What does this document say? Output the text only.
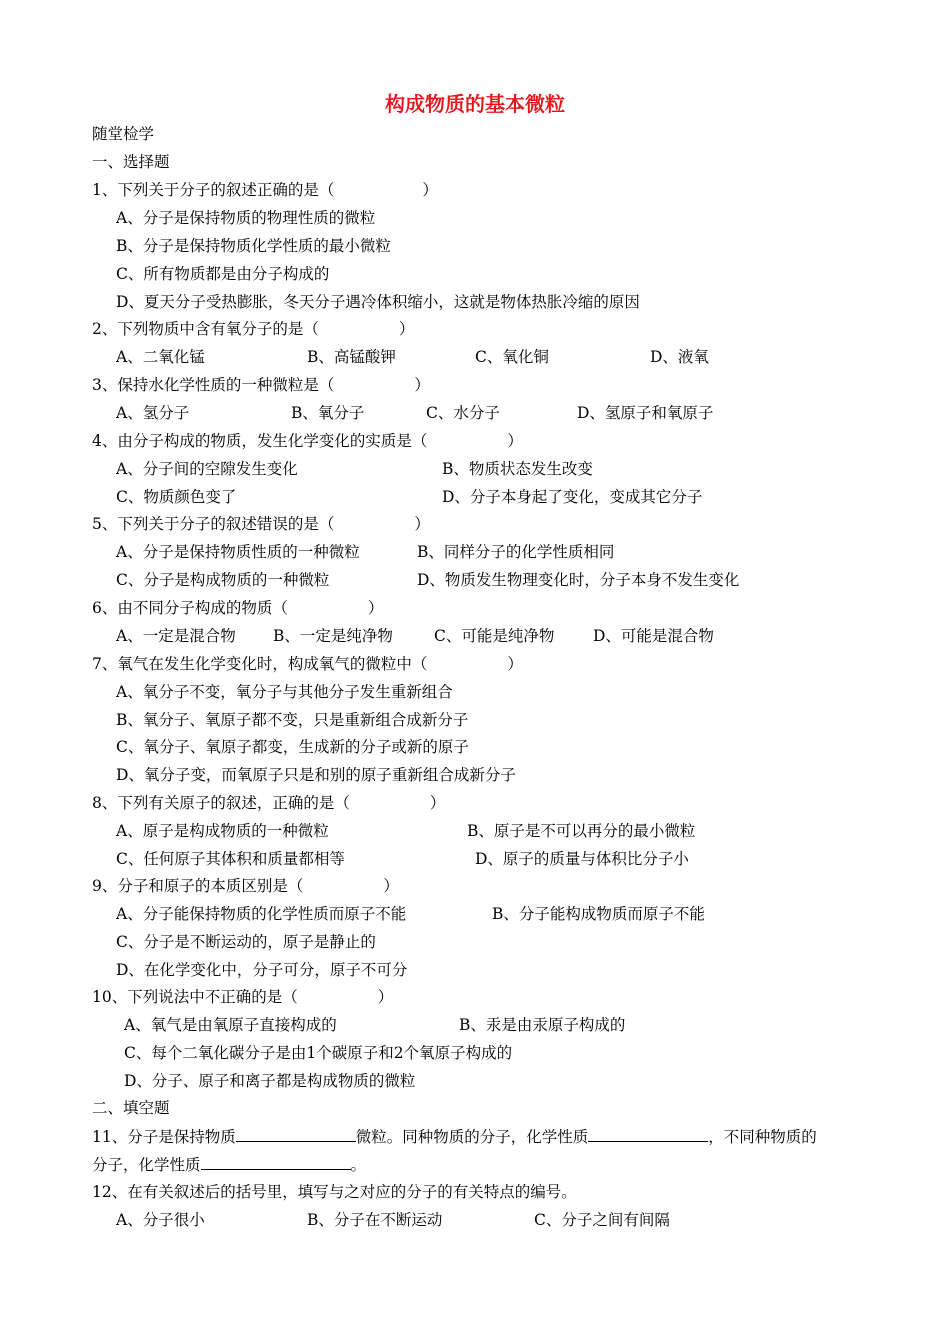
构成物质的基本微粒
随堂检学
一、选择题
1、下列关于分子的叙述正确的是（	）
A、分子是保持物质的物理性质的微粒
B、分子是保持物质化学性质的最小微粒
C、所有物质都是由分子构成的
D、夏天分子受热膨胀，冬天分子遇冷体积缩小，这就是物体热胀冷缩的原因
2、下列物质中含有氧分子的是（	）
A、二氧化锰	B、高锰酸钾	C、氧化铜	D、液氧
3、保持水化学性质的一种微粒是（	）
A、氢分子	B、氧分子	C、水分子	D、氢原子和氧原子
4、由分子构成的物质，发生化学变化的实质是（	）
A、分子间的空隙发生变化	B、物质状态发生改变
C、物质颜色变了	D、分子本身起了变化，变成其它分子
5、下列关于分子的叙述错误的是（	）
A、分子是保持物质性质的一种微粒	B、同样分子的化学性质相同
C、分子是构成物质的一种微粒	D、物质发生物理变化时，分子本身不发生变化
6、由不同分子构成的物质（	）
A、一定是混合物 B、一定是纯净物	C、可能是纯净物 D、可能是混合物
7、氧气在发生化学变化时，构成氧气的微粒中（	）
A、氧分子不变，氧分子与其他分子发生重新组合
B、氧分子、氧原子都不变，只是重新组合成新分子
C、氧分子、氧原子都变，生成新的分子或新的原子
D、氧分子变，而氧原子只是和别的原子重新组合成新分子
8、下列有关原子的叙述，正确的是（	）
A、原子是构成物质的一种微粒	B、原子是不可以再分的最小微粒
C、任何原子其体积和质量都相等	D、原子的质量与体积比分子小
9、分子和原子的本质区别是（	）
A、分子能保持物质的化学性质而原子不能	B、分子能构成物质而原子不能
C、分子是不断运动的，原子是静止的
D、在化学变化中，分子可分，原子不可分
10、下列说法中不正确的是（	）
A、氧气是由氧原子直接构成的	B、汞是由汞原子构成的
C、每个二氧化碳分子是由1个碳原子和2个氧原子构成的
D、分子、原子和离子都是构成物质的微粒
二、填空题
11、分子是保持物质	微粒。同种物质的分子，化学性质	，不同种物质的
分子，化学性质	。
12、在有关叙述后的括号里，填写与之对应的分子的有关特点的编号。
A、分子很小	B、分子在不断运动	C、分子之间有间隔
